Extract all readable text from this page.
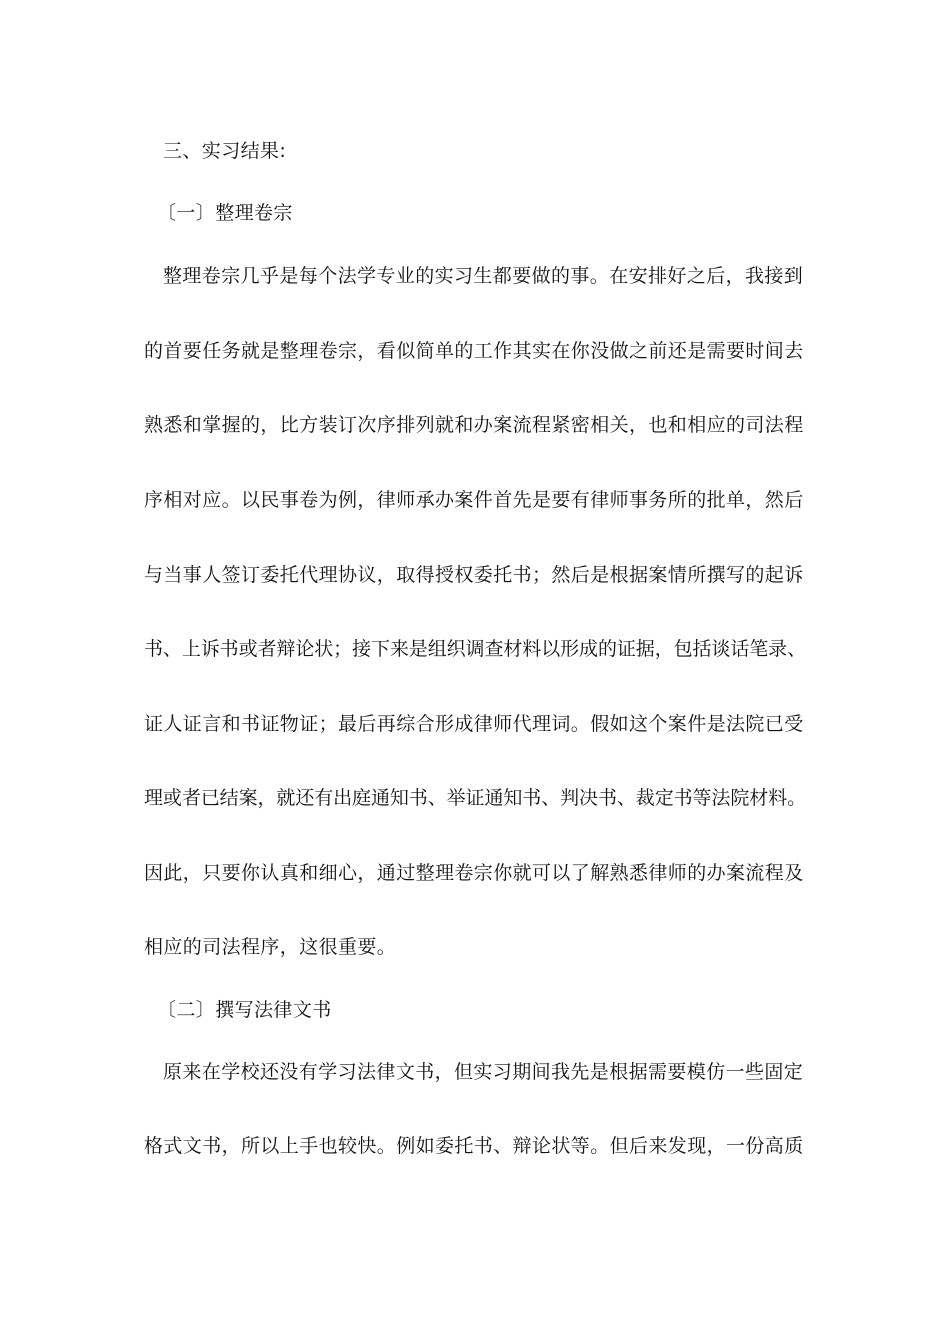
三、实习结果:
〔一〕整理卷宗
整理卷宗几乎是每个法学专业的实习生都要做的事。在安排好之后，我接到
的首要任务就是整理卷宗，看似简单的工作其实在你没做之前还是需要时间去
熟悉和掌握的，比方装订次序排列就和办案流程紧密相关，也和相应的司法程
序相对应。以民事卷为例，律师承办案件首先是要有律师事务所的批单，然后
与当事人签订委托代理协议，取得授权委托书；然后是根据案情所撰写的起诉
书、上诉书或者辩论状；接下来是组织调查材料以形成的证据，包括谈话笔录、
证人证言和书证物证；最后再综合形成律师代理词。假如这个案件是法院已受
理或者已结案，就还有出庭通知书、举证通知书、判决书、裁定书等法院材料。
因此，只要你认真和细心，通过整理卷宗你就可以了解熟悉律师的办案流程及
相应的司法程序，这很重要。
〔二〕撰写法律文书
原来在学校还没有学习法律文书，但实习期间我先是根据需要模仿一些固定
格式文书，所以上手也较快。例如委托书、辩论状等。但后来发现，一份高质
